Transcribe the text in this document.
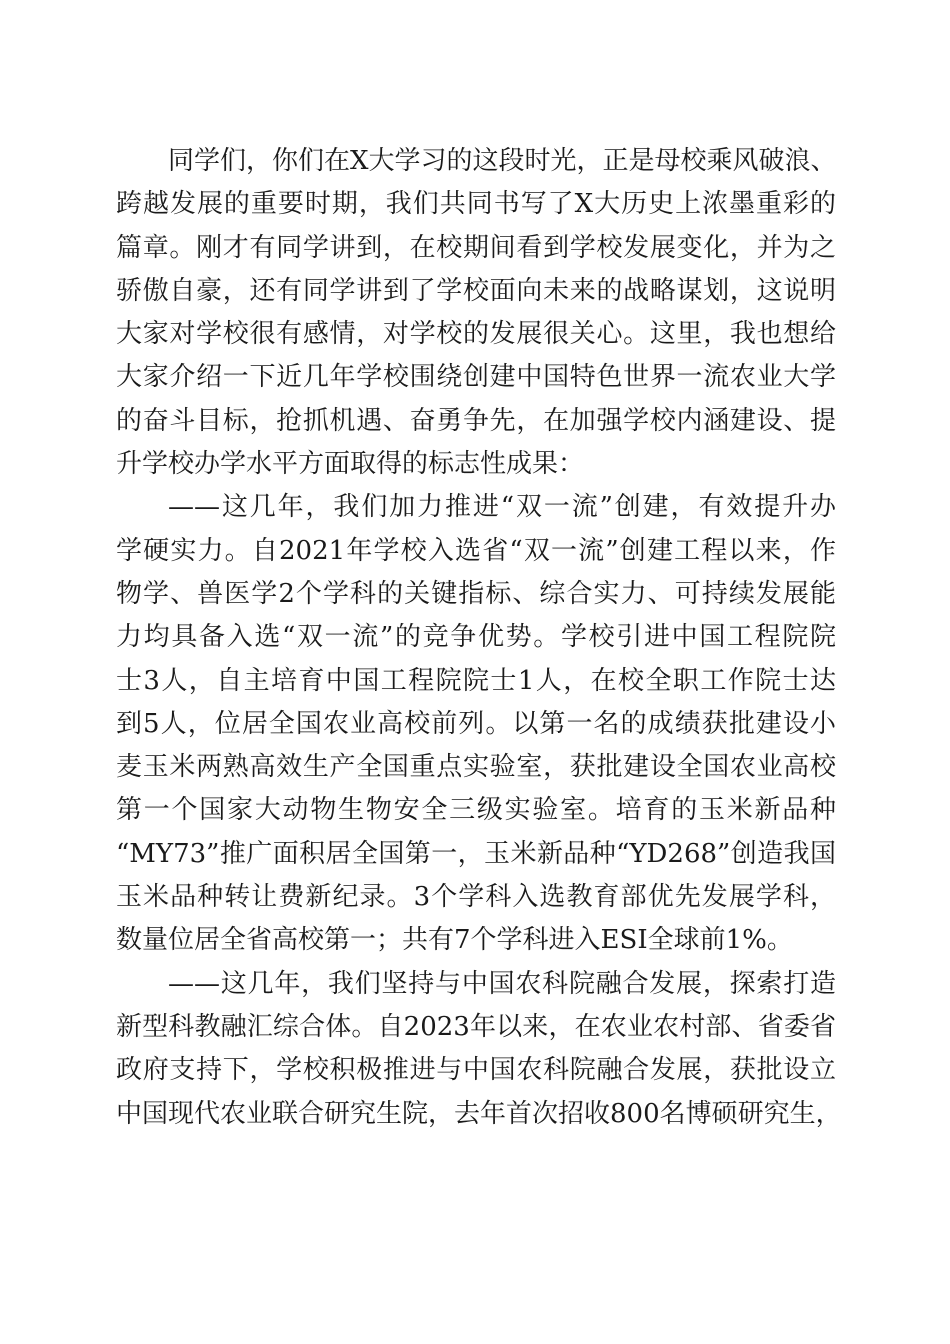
同学们，你们在X大学习的这段时光，正是母校乘风破浪、
跨越发展的重要时期，我们共同书写了X大历史上浓墨重彩的
篇章。刚才有同学讲到，在校期间看到学校发展变化，并为之
骄傲自豪，还有同学讲到了学校面向未来的战略谋划，这说明
大家对学校很有感情，对学校的发展很关心。这里，我也想给
大家介绍一下近几年学校围绕创建中国特色世界一流农业大学
的奋斗目标，抢抓机遇、奋勇争先，在加强学校内涵建设、提
升学校办学水平方面取得的标志性成果：
——这几年，我们加力推进“双一流”创建，有效提升办
学硬实力。自2021年学校入选省“双一流”创建工程以来，作
物学、兽医学2个学科的关键指标、综合实力、可持续发展能
力均具备入选“双一流”的竞争优势。学校引进中国工程院院
士3人，自主培育中国工程院院士1人，在校全职工作院士达
到5人，位居全国农业高校前列。以第一名的成绩获批建设小
麦玉米两熟高效生产全国重点实验室，获批建设全国农业高校
第一个国家大动物生物安全三级实验室。培育的玉米新品种
“MY73”推广面积居全国第一，玉米新品种“YD268”创造我国
玉米品种转让费新纪录。3个学科入选教育部优先发展学科，
数量位居全省高校第一；共有7个学科进入ESI全球前1%。
——这几年，我们坚持与中国农科院融合发展，探索打造
新型科教融汇综合体。自2023年以来，在农业农村部、省委省
政府支持下，学校积极推进与中国农科院融合发展，获批设立
中国现代农业联合研究生院，去年首次招收800名博硕研究生，
